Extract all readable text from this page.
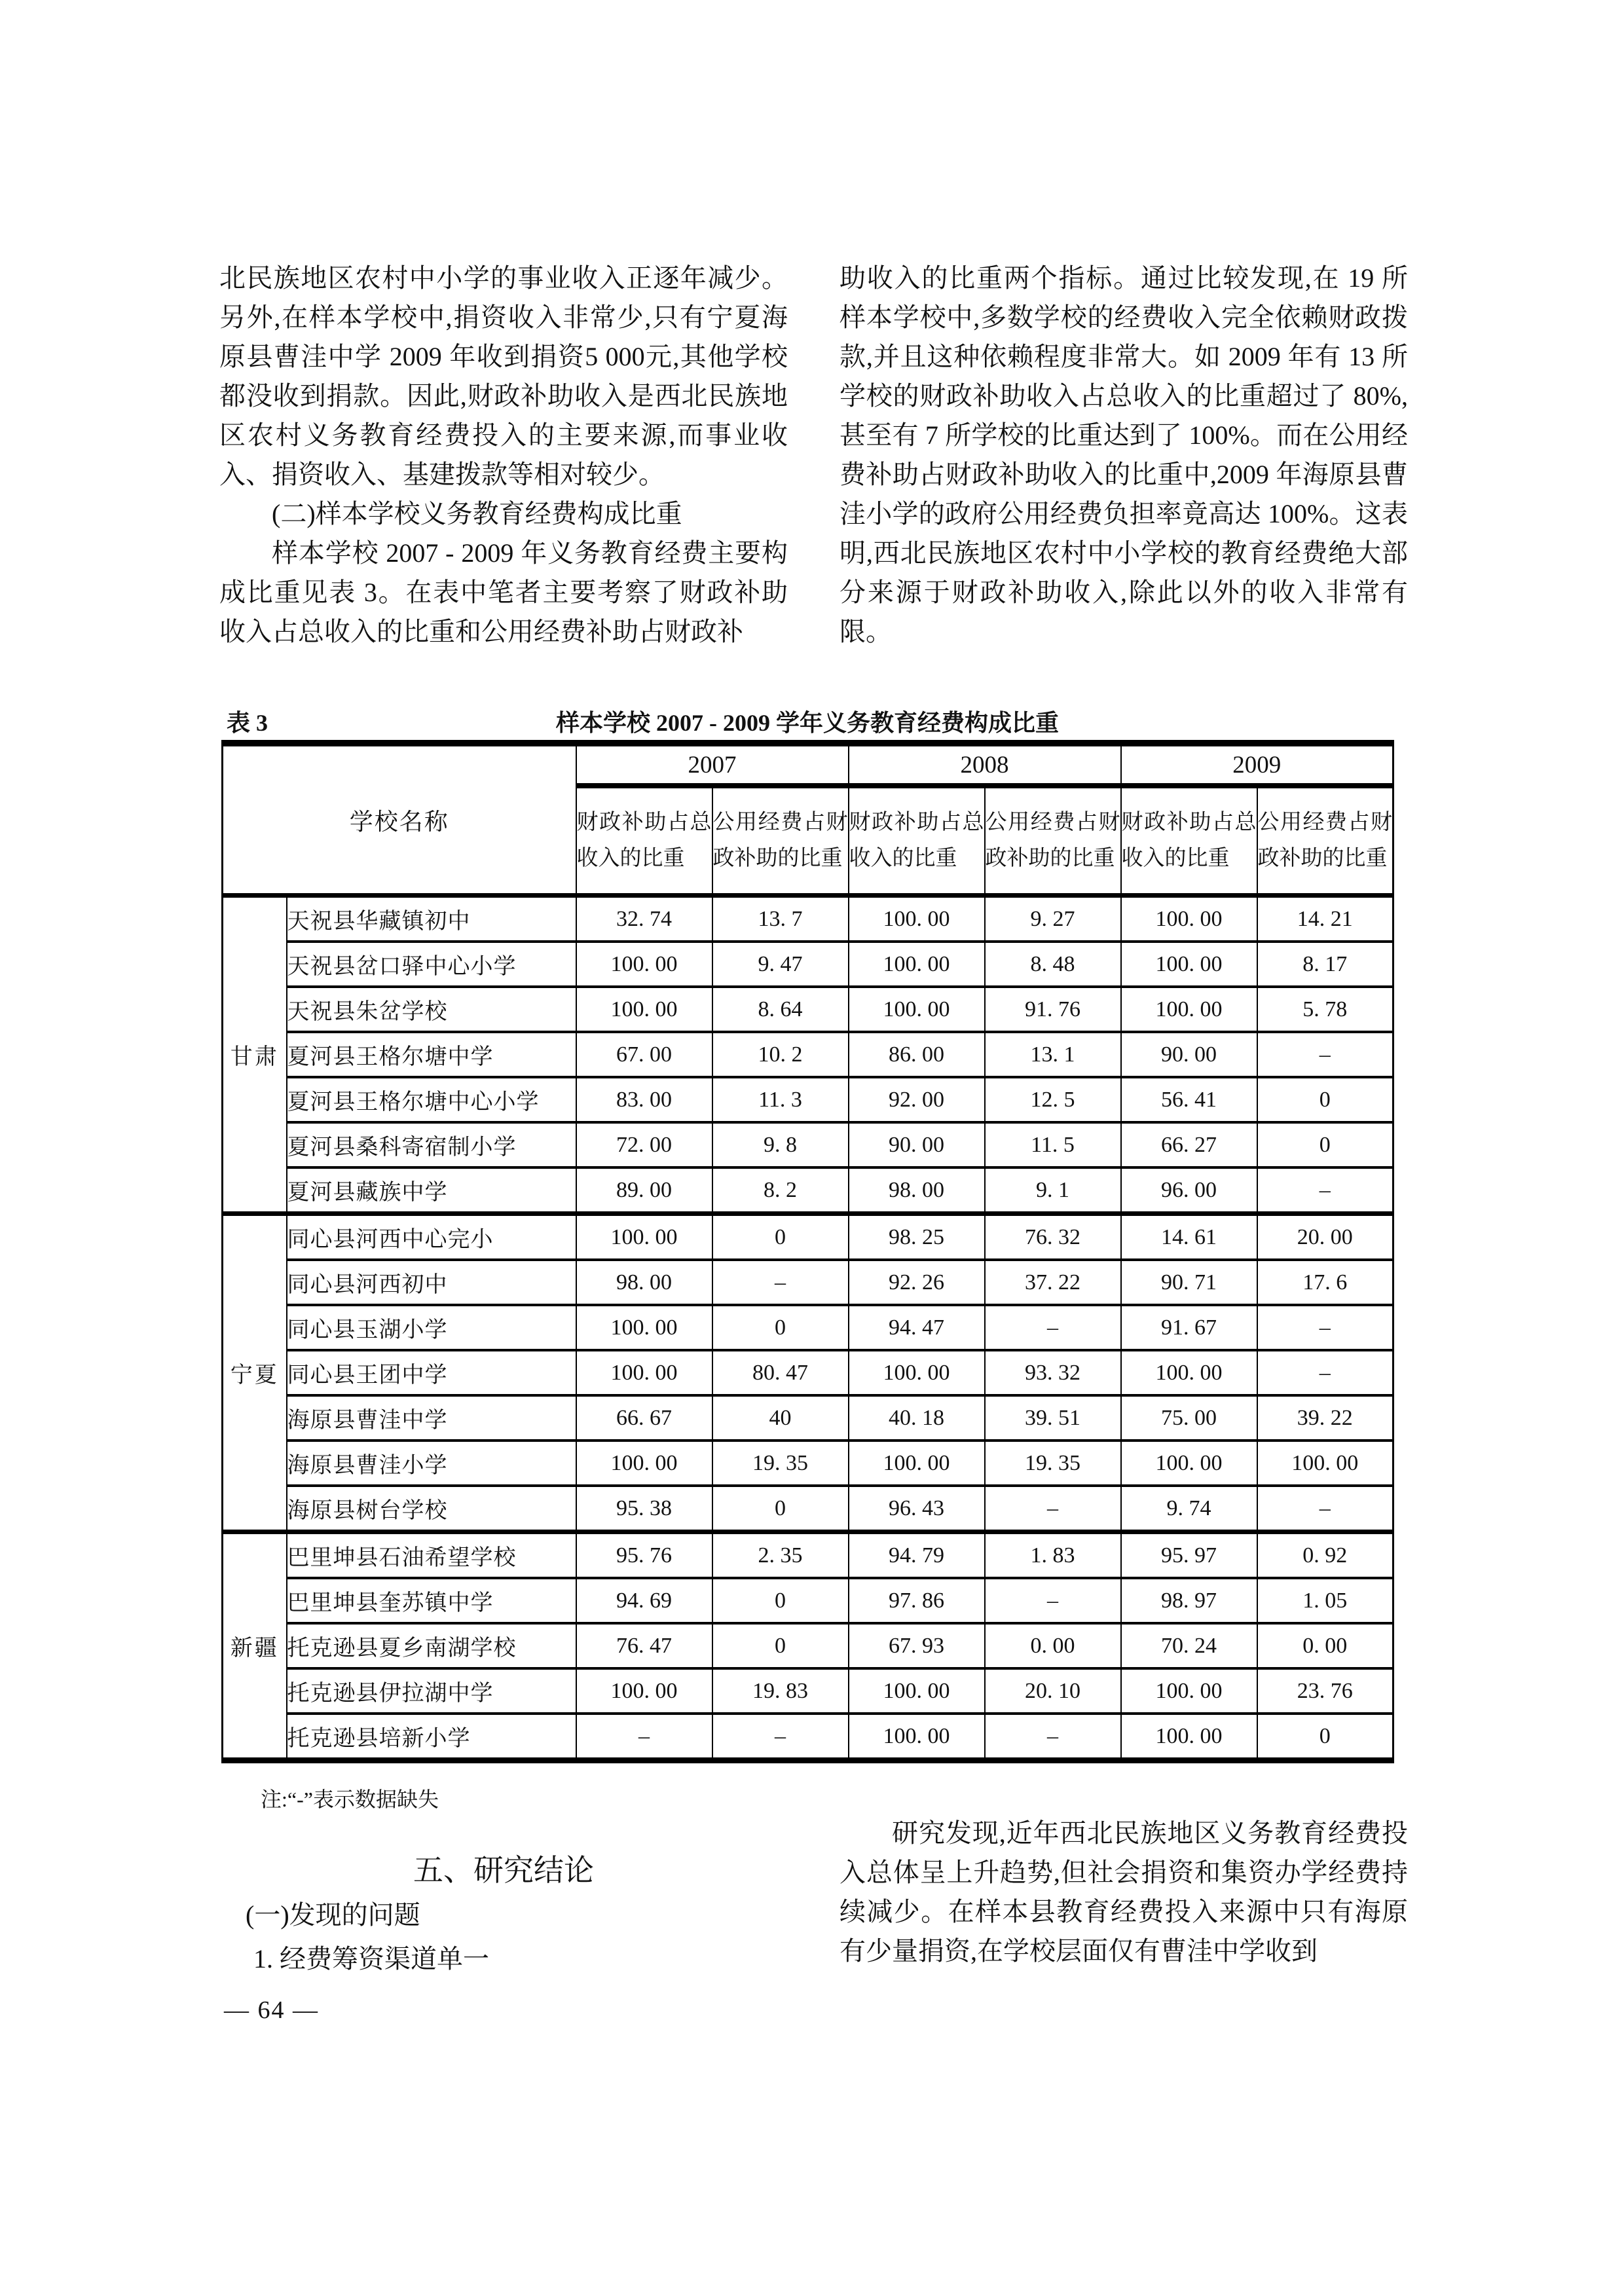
北民族地区农村中小学的事业收入正逐年减少。另外,在样本学校中,捐资收入非常少,只有宁夏海原县曹洼中学 2009 年收到捐资5 000元,其他学校都没收到捐款。因此,财政补助收入是西北民族地区农村义务教育经费投入的主要来源,而事业收入、捐资收入、基建拨款等相对较少。

(二)样本学校义务教育经费构成比重

样本学校 2007 - 2009 年义务教育经费主要构成比重见表 3。在表中笔者主要考察了财政补助收入占总收入的比重和公用经费补助占财政补

助收入的比重两个指标。通过比较发现,在 19 所样本学校中,多数学校的经费收入完全依赖财政拨款,并且这种依赖程度非常大。如 2009 年有 13 所学校的财政补助收入占总收入的比重超过了 80%,甚至有 7 所学校的比重达到了 100%。而在公用经费补助占财政补助收入的比重中,2009 年海原县曹洼小学的政府公用经费负担率竟高达 100%。这表明,西北民族地区农村中小学校的教育经费绝大部分来源于财政补助收入,除此以外的收入非常有限。

表 3	样本学校 2007 - 2009 学年义务教育经费构成比重
学校名称		2007		2008		2009	
		财政补助占总收入的比重	公用经费占财政补助的比重	财政补助占总收入的比重	公用经费占财政补助的比重	财政补助占总收入的比重	公用经费占财政补助的比重
甘肃	天祝县华藏镇初中	32. 74	13. 7	100. 00	9. 27	100. 00	14. 21
	天祝县岔口驿中心小学	100. 00	9. 47	100. 00	8. 48	100. 00	8. 17
	天祝县朱岔学校	100. 00	8. 64	100. 00	91. 76	100. 00	5. 78
	夏河县王格尔塘中学	67. 00	10. 2	86. 00	13. 1	90. 00	–
	夏河县王格尔塘中心小学	83. 00	11. 3	92. 00	12. 5	56. 41	0
	夏河县桑科寄宿制小学	72. 00	9. 8	90. 00	11. 5	66. 27	0
	夏河县藏族中学	89. 00	8. 2	98. 00	9. 1	96. 00	–
宁夏	同心县河西中心完小	100. 00	0	98. 25	76. 32	14. 61	20. 00
	同心县河西初中	98. 00	–	92. 26	37. 22	90. 71	17. 6
	同心县玉湖小学	100. 00	0	94. 47	–	91. 67	–
	同心县王团中学	100. 00	80. 47	100. 00	93. 32	100. 00	–
	海原县曹洼中学	66. 67	40	40. 18	39. 51	75. 00	39. 22
	海原县曹洼小学	100. 00	19. 35	100. 00	19. 35	100. 00	100. 00
	海原县树台学校	95. 38	0	96. 43	–	9. 74	–
新疆	巴里坤县石油希望学校	95. 76	2. 35	94. 79	1. 83	95. 97	0. 92
	巴里坤县奎苏镇中学	94. 69	0	97. 86	–	98. 97	1. 05
	托克逊县夏乡南湖学校	76. 47	0	67. 93	0. 00	70. 24	0. 00
	托克逊县伊拉湖中学	100. 00	19. 83	100. 00	20. 10	100. 00	23. 76
	托克逊县培新小学	–	–	100. 00	–	100. 00	0
注:“-”表示数据缺失
五、研究结论

(一)发现的问题

1. 经费筹资渠道单一

研究发现,近年西北民族地区义务教育经费投入总体呈上升趋势,但社会捐资和集资办学经费持续减少。在样本县教育经费投入来源中只有海原有少量捐资,在学校层面仅有曹洼中学收到

— 64 —
